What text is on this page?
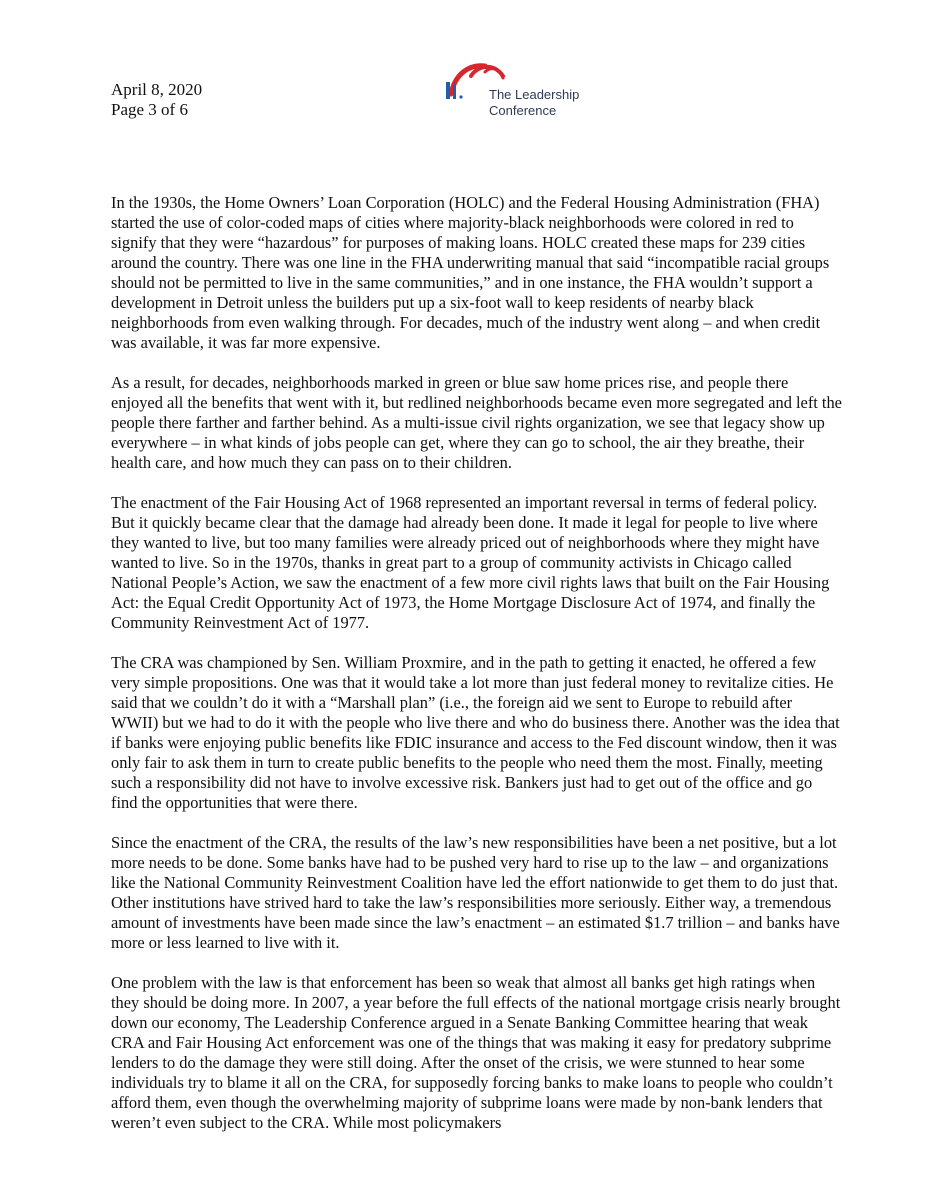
April 8, 2020
Page 3 of 6
The Leadership
Conference

In the 1930s, the Home Owners’ Loan Corporation (HOLC) and the Federal Housing Administration (FHA) started the use of color-coded maps of cities where majority-black neighborhoods were colored in red to signify that they were “hazardous” for purposes of making loans. HOLC created these maps for 239 cities around the country. There was one line in the FHA underwriting manual that said “incompatible racial groups should not be permitted to live in the same communities,” and in one instance, the FHA wouldn’t support a development in Detroit unless the builders put up a six-foot wall to keep residents of nearby black neighborhoods from even walking through. For decades, much of the industry went along – and when credit was available, it was far more expensive.

As a result, for decades, neighborhoods marked in green or blue saw home prices rise, and people there enjoyed all the benefits that went with it, but redlined neighborhoods became even more segregated and left the people there farther and farther behind. As a multi-issue civil rights organization, we see that legacy show up everywhere – in what kinds of jobs people can get, where they can go to school, the air they breathe, their health care, and how much they can pass on to their children.

The enactment of the Fair Housing Act of 1968 represented an important reversal in terms of federal policy. But it quickly became clear that the damage had already been done. It made it legal for people to live where they wanted to live, but too many families were already priced out of neighborhoods where they might have wanted to live. So in the 1970s, thanks in great part to a group of community activists in Chicago called National People’s Action, we saw the enactment of a few more civil rights laws that built on the Fair Housing Act: the Equal Credit Opportunity Act of 1973, the Home Mortgage Disclosure Act of 1974, and finally the Community Reinvestment Act of 1977.

The CRA was championed by Sen. William Proxmire, and in the path to getting it enacted, he offered a few very simple propositions. One was that it would take a lot more than just federal money to revitalize cities. He said that we couldn’t do it with a “Marshall plan” (i.e., the foreign aid we sent to Europe to rebuild after WWII) but we had to do it with the people who live there and who do business there. Another was the idea that if banks were enjoying public benefits like FDIC insurance and access to the Fed discount window, then it was only fair to ask them in turn to create public benefits to the people who need them the most. Finally, meeting such a responsibility did not have to involve excessive risk. Bankers just had to get out of the office and go find the opportunities that were there.

Since the enactment of the CRA, the results of the law’s new responsibilities have been a net positive, but a lot more needs to be done. Some banks have had to be pushed very hard to rise up to the law – and organizations like the National Community Reinvestment Coalition have led the effort nationwide to get them to do just that. Other institutions have strived hard to take the law’s responsibilities more seriously. Either way, a tremendous amount of investments have been made since the law’s enactment – an estimated $1.7 trillion – and banks have more or less learned to live with it.

One problem with the law is that enforcement has been so weak that almost all banks get high ratings when they should be doing more. In 2007, a year before the full effects of the national mortgage crisis nearly brought down our economy, The Leadership Conference argued in a Senate Banking Committee hearing that weak CRA and Fair Housing Act enforcement was one of the things that was making it easy for predatory subprime lenders to do the damage they were still doing. After the onset of the crisis, we were stunned to hear some individuals try to blame it all on the CRA, for supposedly forcing banks to make loans to people who couldn’t afford them, even though the overwhelming majority of subprime loans were made by non-bank lenders that weren’t even subject to the CRA. While most policymakers
